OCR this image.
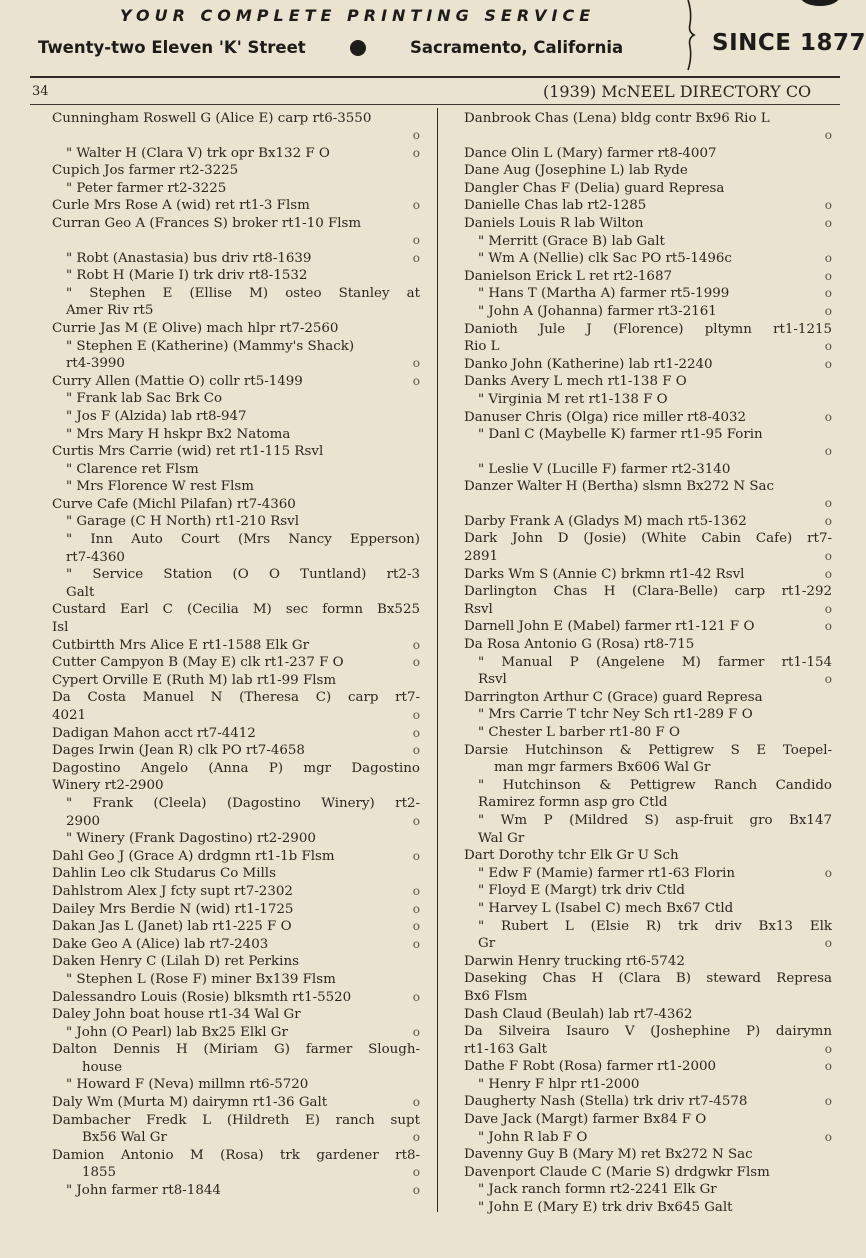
YOUR COMPLETE PRINTING SERVICE
Twenty-two Eleven 'K' Street	Sacramento, California	SINCE 1877
34	(1939) McNEEL DIRECTORY CO
Cunningham Roswell G (Alice E) carp rt6-3550
o
" Walter H (Clara V) trk opr Bx132 F O	o
Cupich Jos farmer rt2-3225
" Peter farmer rt2-3225
Curle Mrs Rose A (wid) ret rt1-3 Flsm	o
Curran Geo A (Frances S) broker rt1-10 Flsm
o
" Robt (Anastasia) bus driv rt8-1639	o
" Robt H (Marie I) trk driv rt8-1532
" Stephen E (Ellise M) osteo Stanley at
Amer Riv rt5
Currie Jas M (E Olive) mach hlpr rt7-2560
" Stephen E (Katherine) (Mammy's Shack)
rt4-3990	o
Curry Allen (Mattie O) collr rt5-1499	o
" Frank lab Sac Brk Co
" Jos F (Alzida) lab rt8-947
" Mrs Mary H hskpr Bx2 Natoma
Curtis Mrs Carrie (wid) ret rt1-115 Rsvl
" Clarence ret Flsm
" Mrs Florence W rest Flsm
Curve Cafe (Michl Pilafan) rt7-4360
" Garage (C H North) rt1-210 Rsvl
" Inn Auto Court (Mrs Nancy Epperson)
rt7-4360
" Service Station (O O Tuntland) rt2-3
Galt
Custard Earl C (Cecilia M) sec formn Bx525
Isl
Cutbirtth Mrs Alice E rt1-1588 Elk Gr	o
Cutter Campyon B (May E) clk rt1-237 F O	o
Cypert Orville E (Ruth M) lab rt1-99 Flsm
Da Costa Manuel N (Theresa C) carp rt7-
4021	o
Dadigan Mahon acct rt7-4412	o
Dages Irwin (Jean R) clk PO rt7-4658	o
Dagostino Angelo (Anna P) mgr Dagostino
Winery rt2-2900
" Frank (Cleela) (Dagostino Winery) rt2-
2900	o
" Winery (Frank Dagostino) rt2-2900
Dahl Geo J (Grace A) drdgmn rt1-1b Flsm	o
Dahlin Leo clk Studarus Co Mills
Dahlstrom Alex J fcty supt rt7-2302	o
Dailey Mrs Berdie N (wid) rt1-1725	o
Dakan Jas L (Janet) lab rt1-225 F O	o
Dake Geo A (Alice) lab rt7-2403	o
Daken Henry C (Lilah D) ret Perkins
" Stephen L (Rose F) miner Bx139 Flsm
Dalessandro Louis (Rosie) blksmth rt1-5520	o
Daley John boat house rt1-34 Wal Gr
" John (O Pearl) lab Bx25 Elkl Gr	o
Dalton Dennis H (Miriam G) farmer Slough-
house
" Howard F (Neva) millmn rt6-5720
Daly Wm (Murta M) dairymn rt1-36 Galt	o
Dambacher Fredk L (Hildreth E) ranch supt
Bx56 Wal Gr	o
Damion Antonio M (Rosa) trk gardener rt8-
1855	o
" John farmer rt8-1844	o
Danbrook Chas (Lena) bldg contr Bx96 Rio L
o
Dance Olin L (Mary) farmer rt8-4007
Dane Aug (Josephine L) lab Ryde
Dangler Chas F (Delia) guard Represa
Danielle Chas lab rt2-1285	o
Daniels Louis R lab Wilton	o
" Merritt (Grace B) lab Galt
" Wm A (Nellie) clk Sac PO rt5-1496c	o
Danielson Erick L ret rt2-1687	o
" Hans T (Martha A) farmer rt5-1999	o
" John A (Johanna) farmer rt3-2161	o
Danioth Jule J (Florence) pltymn rt1-1215
Rio L	o
Danko John (Katherine) lab rt1-2240	o
Danks Avery L mech rt1-138 F O
" Virginia M ret rt1-138 F O
Danuser Chris (Olga) rice miller rt8-4032	o
" Danl C (Maybelle K) farmer rt1-95 Forin
o
" Leslie V (Lucille F) farmer rt2-3140
Danzer Walter H (Bertha) slsmn Bx272 N Sac
o
Darby Frank A (Gladys M) mach rt5-1362	o
Dark John D (Josie) (White Cabin Cafe) rt7-
2891	o
Darks Wm S (Annie C) brkmn rt1-42 Rsvl	o
Darlington Chas H (Clara-Belle) carp rt1-292
Rsvl	o
Darnell John E (Mabel) farmer rt1-121 F O	o
Da Rosa Antonio G (Rosa) rt8-715
" Manual P (Angelene M) farmer rt1-154
Rsvl	o
Darrington Arthur C (Grace) guard Represa
" Mrs Carrie T tchr Ney Sch rt1-289 F O
" Chester L barber rt1-80 F O
Darsie Hutchinson & Pettigrew S E Toepel-
man mgr farmers Bx606 Wal Gr
" Hutchinson & Pettigrew Ranch Candido
Ramirez formn asp gro Ctld
" Wm P (Mildred S) asp-fruit gro Bx147
Wal Gr
Dart Dorothy tchr Elk Gr U Sch
" Edw F (Mamie) farmer rt1-63 Florin	o
" Floyd E (Margt) trk driv Ctld
" Harvey L (Isabel C) mech Bx67 Ctld
" Rubert L (Elsie R) trk driv Bx13 Elk
Gr	o
Darwin Henry trucking rt6-5742
Daseking Chas H (Clara B) steward Represa
Bx6 Flsm
Dash Claud (Beulah) lab rt7-4362
Da Silveira Isauro V (Joshephine P) dairymn
rt1-163 Galt	o
Dathe F Robt (Rosa) farmer rt1-2000	o
" Henry F hlpr rt1-2000
Daugherty Nash (Stella) trk driv rt7-4578	o
Dave Jack (Margt) farmer Bx84 F O
" John R lab F O	o
Davenny Guy B (Mary M) ret Bx272 N Sac
Davenport Claude C (Marie S) drdgwkr Flsm
" Jack ranch formn rt2-2241 Elk Gr
" John E (Mary E) trk driv Bx645 Galt
